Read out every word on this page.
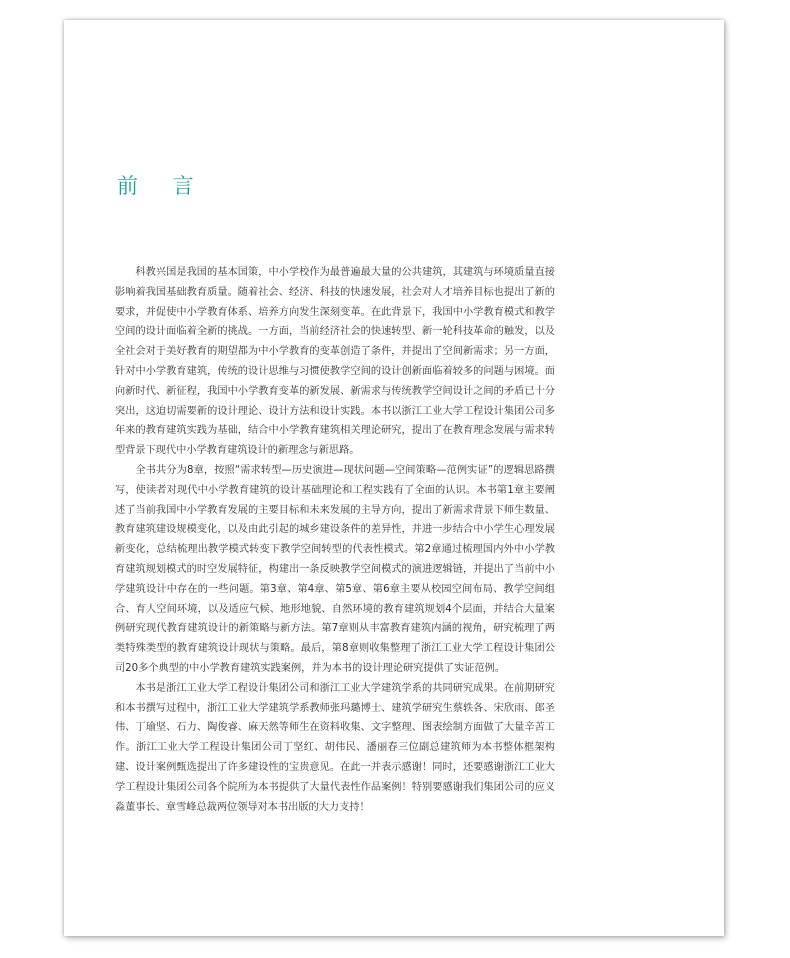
前 言

科教兴国是我国的基本国策，中小学校作为最普遍最大量的公共建筑，其建筑与环境质量直接影响着我国基础教育质量。随着社会、经济、科技的快速发展，社会对人才培养目标也提出了新的要求，并促使中小学教育体系、培养方向发生深刻变革。在此背景下，我国中小学教育模式和教学空间的设计面临着全新的挑战。一方面，当前经济社会的快速转型、新一轮科技革命的触发，以及全社会对于美好教育的期望都为中小学教育的变革创造了条件，并提出了空间新需求；另一方面，针对中小学教育建筑，传统的设计思维与习惯使教学空间的设计创新面临着较多的问题与困境。面向新时代、新征程，我国中小学教育变革的新发展、新需求与传统教学空间设计之间的矛盾已十分突出，这迫切需要新的设计理论、设计方法和设计实践。本书以浙江工业大学工程设计集团公司多年来的教育建筑实践为基础，结合中小学教育建筑相关理论研究，提出了在教育理念发展与需求转型背景下现代中小学教育建筑设计的新理念与新思路。

全书共分为8章，按照“需求转型—历史演进—现状问题—空间策略—范例实证”的逻辑思路撰写，使读者对现代中小学教育建筑的设计基础理论和工程实践有了全面的认识。本书第1章主要阐述了当前我国中小学教育发展的主要目标和未来发展的主导方向，提出了新需求背景下师生数量、教育建筑建设规模变化，以及由此引起的城乡建设条件的差异性，并进一步结合中小学生心理发展新变化，总结梳理出教学模式转变下教学空间转型的代表性模式。第2章通过梳理国内外中小学教育建筑规划模式的时空发展特征，构建出一条反映教学空间模式的演进逻辑链，并提出了当前中小学建筑设计中存在的一些问题。第3章、第4章、第5章、第6章主要从校园空间布局、教学空间组合、育人空间环境，以及适应气候、地形地貌、自然环境的教育建筑规划4个层面，并结合大量案例研究现代教育建筑设计的新策略与新方法。第7章则从丰富教育建筑内涵的视角，研究梳理了两类特殊类型的教育建筑设计现状与策略。最后，第8章则收集整理了浙江工业大学工程设计集团公司20多个典型的中小学教育建筑实践案例，并为本书的设计理论研究提供了实证范例。

本书是浙江工业大学工程设计集团公司和浙江工业大学建筑学系的共同研究成果。在前期研究和本书撰写过程中，浙江工业大学建筑学系教师张玛璐博士、建筑学研究生蔡轶各、宋欣雨、郎圣伟、丁瑜坚、石力、陶俊睿、麻天然等师生在资料收集、文字整理、图表绘制方面做了大量辛苦工作。浙江工业大学工程设计集团公司丁坚红、胡伟民、潘丽春三位副总建筑师为本书整体框架构建、设计案例甄选提出了许多建设性的宝贵意见。在此一并表示感谢！同时，还要感谢浙江工业大学工程设计集团公司各个院所为本书提供了大量代表性作品案例！特别要感谢我们集团公司的应义淼董事长、章雪峰总裁两位领导对本书出版的大力支持！
